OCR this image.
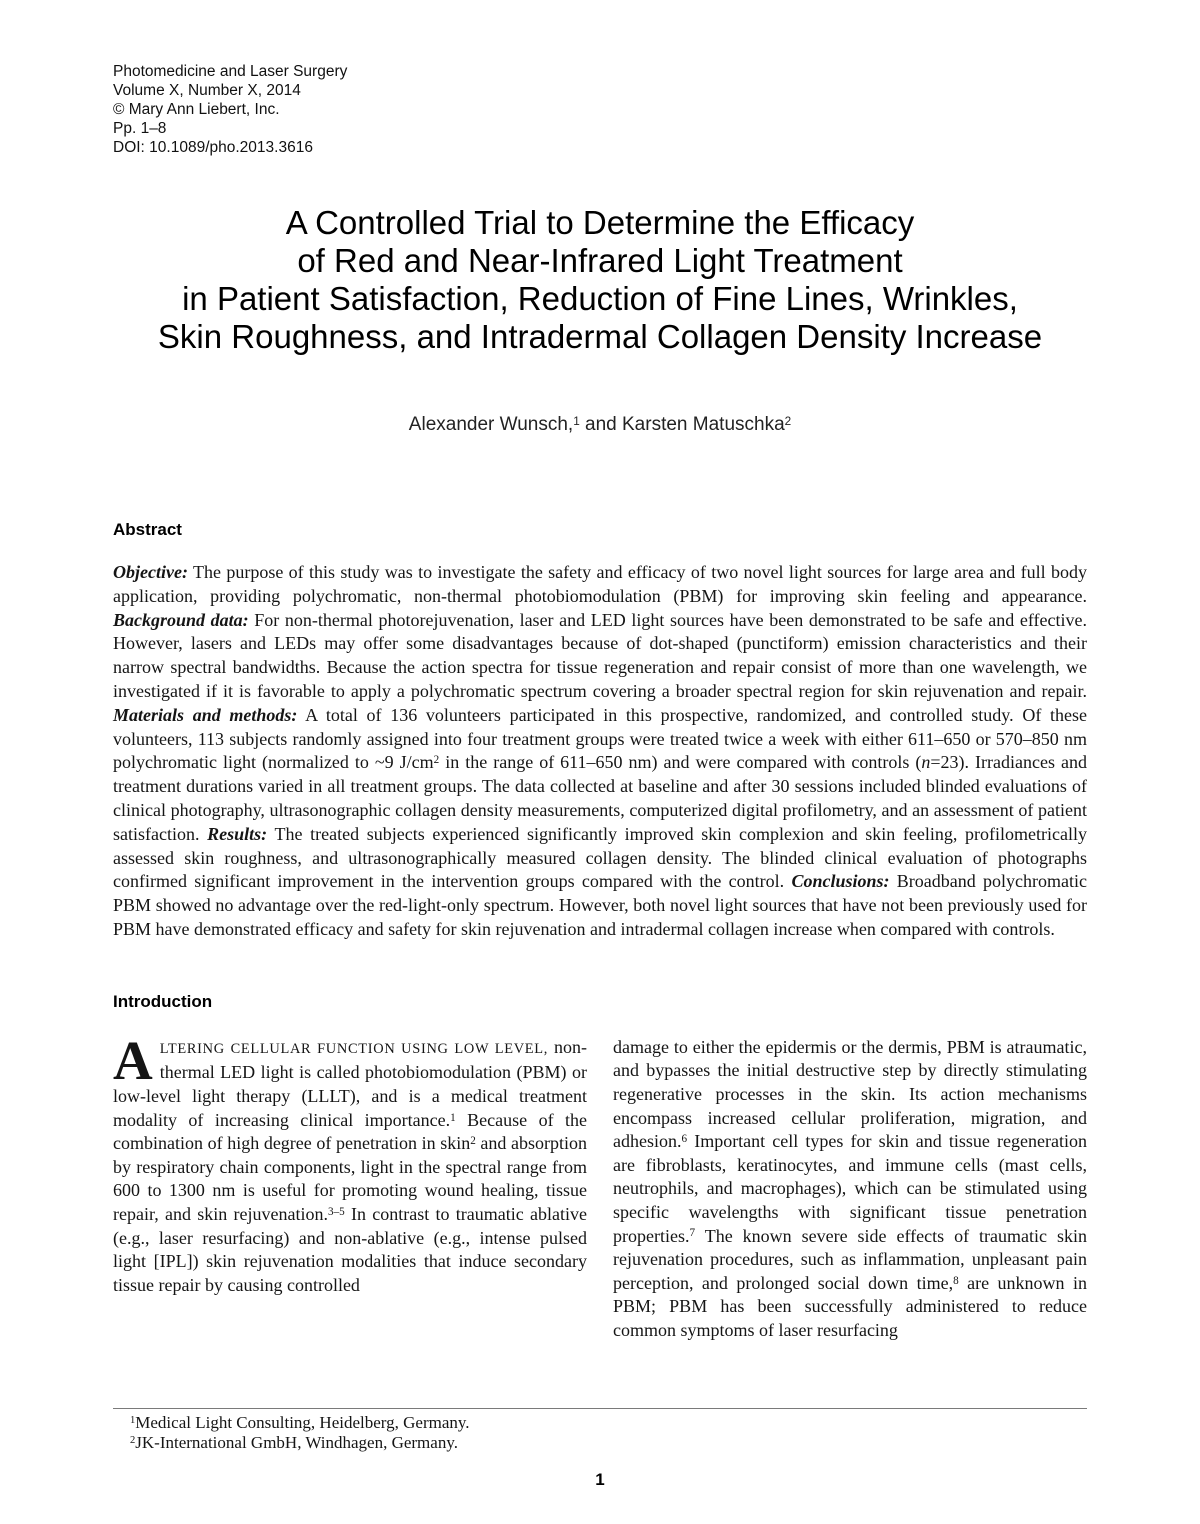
Photomedicine and Laser Surgery
Volume X, Number X, 2014
© Mary Ann Liebert, Inc.
Pp. 1–8
DOI: 10.1089/pho.2013.3616
A Controlled Trial to Determine the Efficacy
of Red and Near-Infrared Light Treatment
in Patient Satisfaction, Reduction of Fine Lines, Wrinkles,
Skin Roughness, and Intradermal Collagen Density Increase
Alexander Wunsch,$^1$ and Karsten Matuschka$^2$
Abstract

Objective: The purpose of this study was to investigate the safety and efficacy of two novel light sources for large area and full body application, providing polychromatic, non-thermal photobiomodulation (PBM) for improving skin feeling and appearance. Background data: For non-thermal photorejuvenation, laser and LED light sources have been demonstrated to be safe and effective. However, lasers and LEDs may offer some disadvantages because of dot-shaped (punctiform) emission characteristics and their narrow spectral bandwidths. Because the action spectra for tissue regeneration and repair consist of more than one wavelength, we investigated if it is favorable to apply a polychromatic spectrum covering a broader spectral region for skin rejuvenation and repair. Materials and methods: A total of 136 volunteers participated in this prospective, randomized, and controlled study. Of these volunteers, 113 subjects randomly assigned into four treatment groups were treated twice a week with either 611–650 or 570–850 nm polychromatic light (normalized to ~9 $J/cm^2$ in the range of 611–650 nm) and were compared with controls (n=23). Irradiances and treatment durations varied in all treatment groups. The data collected at baseline and after 30 sessions included blinded evaluations of clinical photography, ultrasonographic collagen density measurements, computerized digital profilometry, and an assessment of patient satisfaction. Results: The treated subjects experienced significantly improved skin complexion and skin feeling, profilometrically assessed skin roughness, and ultrasonographically measured collagen density. The blinded clinical evaluation of photographs confirmed significant improvement in the intervention groups compared with the control. Conclusions: Broadband polychromatic PBM showed no advantage over the red-light-only spectrum. However, both novel light sources that have not been previously used for PBM have demonstrated efficacy and safety for skin rejuvenation and intradermal collagen increase when compared with controls.

Introduction
ALTERING CELLULAR FUNCTION USING LOW LEVEL, non-thermal LED light is called photobiomodulation (PBM) or low-level light therapy (LLLT), and is a medical treatment modality of increasing clinical importance.$^1$ Because of the combination of high degree of penetration in skin$^2$ and absorption by respiratory chain components, light in the spectral range from 600 to 1300 nm is useful for promoting wound healing, tissue repair, and skin rejuvenation.$^{3-5}$ In contrast to traumatic ablative (e.g., laser resurfacing) and non-ablative (e.g., intense pulsed light [IPL]) skin rejuvenation modalities that induce secondary tissue repair by causing controlled
damage to either the epidermis or the dermis, PBM is atraumatic, and bypasses the initial destructive step by directly stimulating regenerative processes in the skin. Its action mechanisms encompass increased cellular proliferation, migration, and adhesion.$^6$ Important cell types for skin and tissue regeneration are fibroblasts, keratinocytes, and immune cells (mast cells, neutrophils, and macrophages), which can be stimulated using specific wavelengths with significant tissue penetration properties.$^7$ The known severe side effects of traumatic skin rejuvenation procedures, such as inflammation, unpleasant pain perception, and prolonged social down time,$^8$ are unknown in PBM; PBM has been successfully administered to reduce common symptoms of laser resurfacing
$^1$Medical Light Consulting, Heidelberg, Germany.
$^2$JK-International GmbH, Windhagen, Germany.
1
